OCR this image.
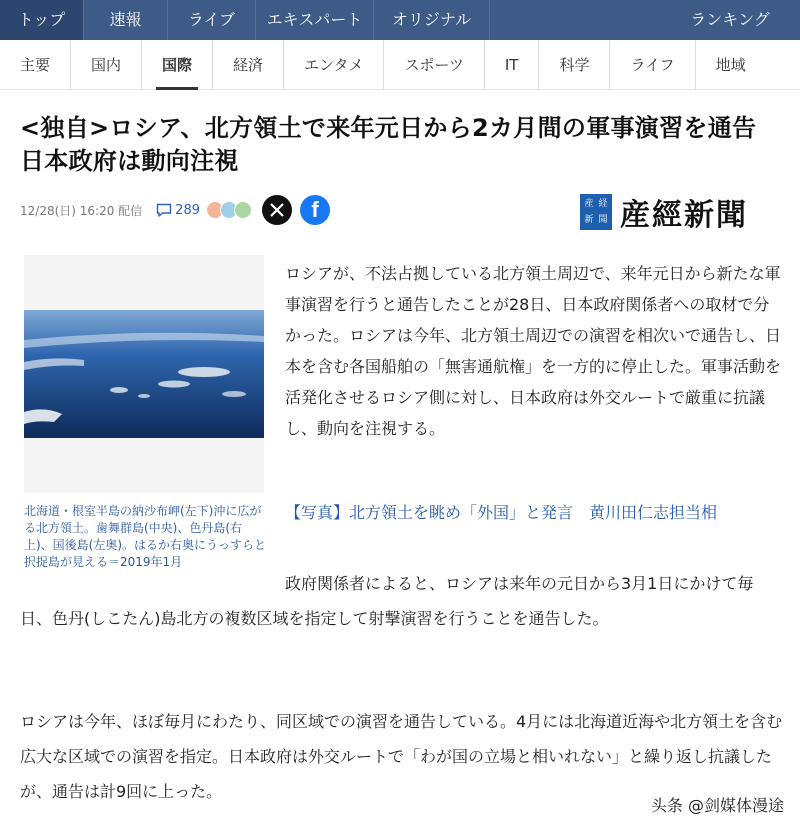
トップ	速報	ライブ	エキスパート	オリジナル	ランキング
主要	国内	国際	経済	エンタメ	スポーツ	IT	科学	ライフ	地域
<独自>ロシア、北方領土で来年元日から2カ月間の軍事演習を通告
日本政府は動向注視
12/28(日) 16:20 配信	289	f	産 経
新 聞 産經新聞
北海道・根室半島の納沙布岬(左下)沖に広がる北方領土。歯舞群島(中央)、色丹島(右上)、国後島(左奥)。はるか右奥にうっすらと択捉島が見える＝2019年1月

ロシアが、不法占拠している北方領土周辺で、来年元日から新たな軍事演習を行うと通告したことが28日、日本政府関係者への取材で分かった。ロシアは今年、北方領土周辺での演習を相次いで通告し、日本を含む各国船舶の「無害通航権」を一方的に停止した。軍事活動を活発化させるロシア側に対し、日本政府は外交ルートで厳重に抗議し、動向を注視する。

【写真】北方領土を眺め「外国」と発言　黄川田仁志担当相

政府関係者によると、ロシアは来年の元日から3月1日にかけて毎日、色丹(しこたん)島北方の複数区域を指定して射撃演習を行うことを通告した。

ロシアは今年、ほぼ毎月にわたり、同区域での演習を通告している。4月には北海道近海や北方領土を含む広大な区域での演習を指定。日本政府は外交ルートで「わが国の立場と相いれない」と繰り返し抗議したが、通告は計9回に上った。

头条 @剑媒体漫途
